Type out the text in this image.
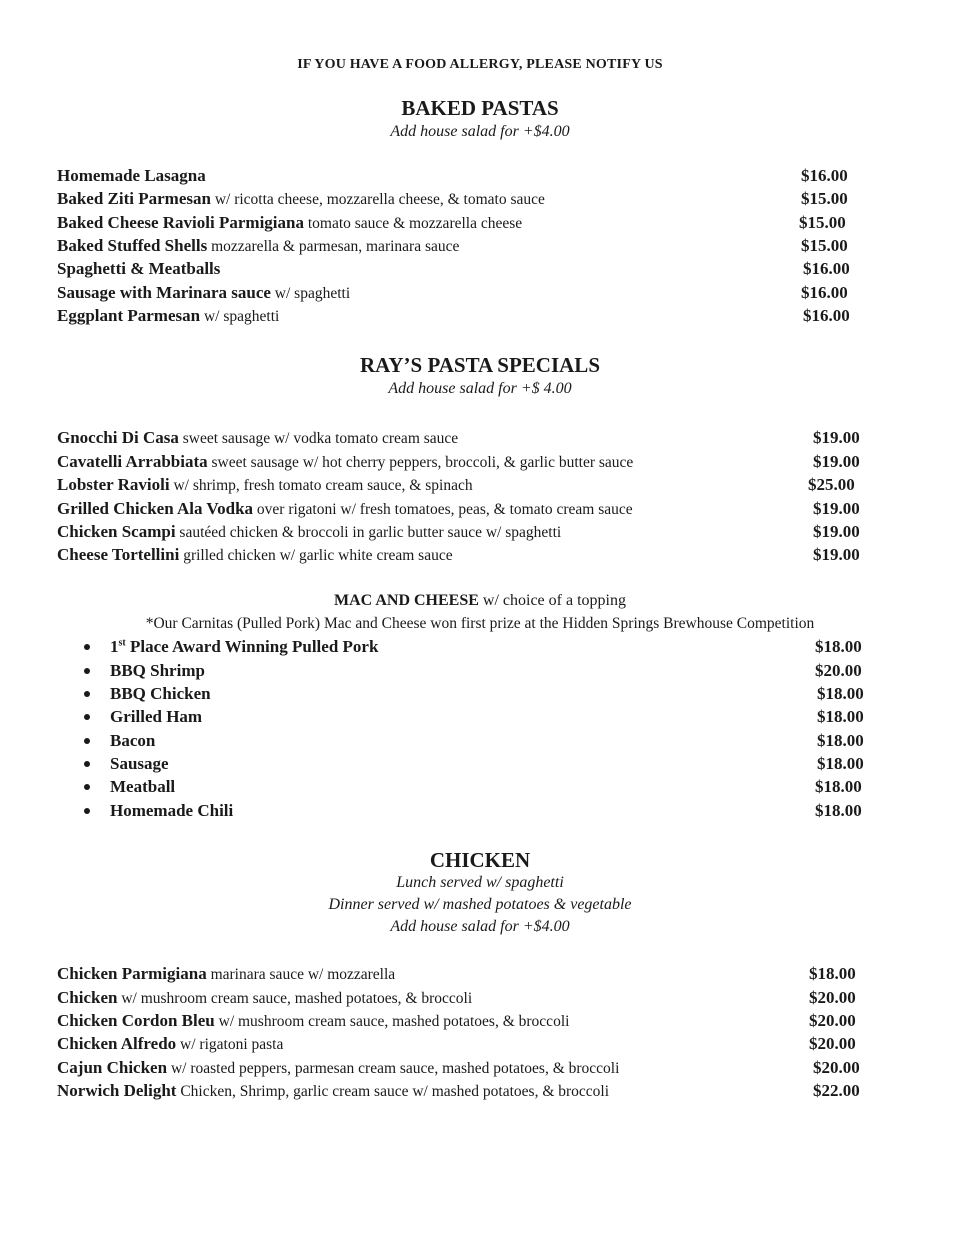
IF YOU HAVE A FOOD ALLERGY, PLEASE NOTIFY US
BAKED PASTAS
Add house salad for +$4.00
Homemade Lasagna	$16.00
Baked Ziti Parmesan w/ ricotta cheese, mozzarella cheese, & tomato sauce	$15.00
Baked Cheese Ravioli Parmigiana tomato sauce & mozzarella cheese	$15.00
Baked Stuffed Shells mozzarella & parmesan, marinara sauce	$15.00
Spaghetti & Meatballs	$16.00
Sausage with Marinara sauce w/ spaghetti	$16.00
Eggplant Parmesan w/ spaghetti	$16.00
RAY’S PASTA SPECIALS
Add house salad for +$ 4.00
Gnocchi Di Casa sweet sausage w/ vodka tomato cream sauce	$19.00
Cavatelli Arrabbiata sweet sausage w/ hot cherry peppers, broccoli, & garlic butter sauce	$19.00
Lobster Ravioli w/ shrimp, fresh tomato cream sauce, & spinach	$25.00
Grilled Chicken Ala Vodka over rigatoni w/ fresh tomatoes, peas, & tomato cream sauce	$19.00
Chicken Scampi sautéed chicken & broccoli in garlic butter sauce w/ spaghetti	$19.00
Cheese Tortellini grilled chicken w/ garlic white cream sauce	$19.00
MAC AND CHEESE w/ choice of a topping
*Our Carnitas (Pulled Pork) Mac and Cheese won first prize at the Hidden Springs Brewhouse Competition
1st Place Award Winning Pulled Pork	$18.00
BBQ Shrimp	$20.00
BBQ Chicken	$18.00
Grilled Ham	$18.00
Bacon	$18.00
Sausage	$18.00
Meatball	$18.00
Homemade Chili	$18.00
CHICKEN
Lunch served w/ spaghetti
Dinner served w/ mashed potatoes & vegetable
Add house salad for +$4.00
Chicken Parmigiana marinara sauce w/ mozzarella	$18.00
Chicken w/ mushroom cream sauce, mashed potatoes, & broccoli	$20.00
Chicken Cordon Bleu w/ mushroom cream sauce, mashed potatoes, & broccoli	$20.00
Chicken Alfredo w/ rigatoni pasta	$20.00
Cajun Chicken w/ roasted peppers, parmesan cream sauce, mashed potatoes, & broccoli	$20.00
Norwich Delight Chicken, Shrimp, garlic cream sauce w/ mashed potatoes, & broccoli	$22.00
